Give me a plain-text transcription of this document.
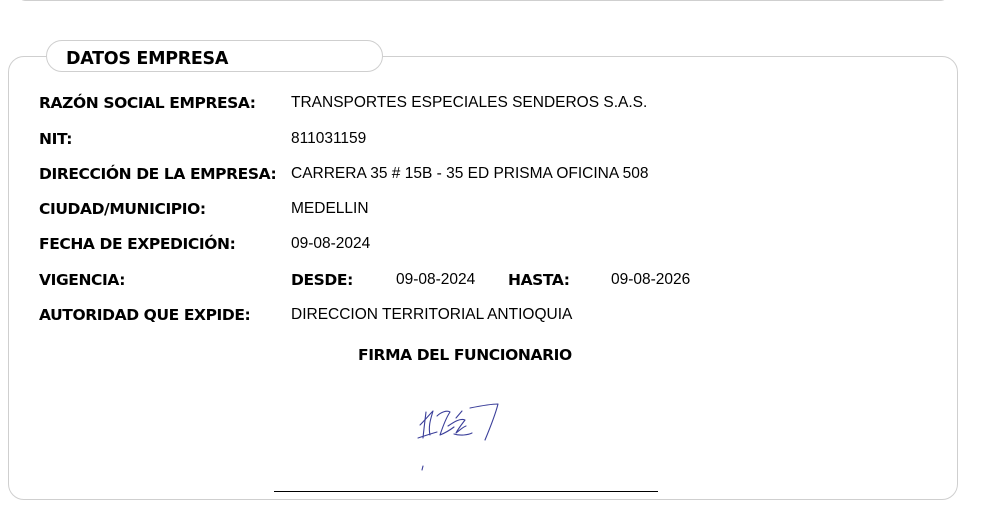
DATOS EMPRESA
RAZÓN SOCIAL EMPRESA: TRANSPORTES ESPECIALES SENDEROS S.A.S.
NIT:	811031159
DIRECCIÓN DE LA EMPRESA: CARRERA 35 # 15B - 35 ED PRISMA OFICINA 508
CIUDAD/MUNICIPIO:	MEDELLIN
FECHA DE EXPEDICIÓN:	09-08-2024
VIGENCIA:	DESDE:	09-08-2024 HASTA:	09-08-2026
AUTORIDAD QUE EXPIDE:	DIRECCION TERRITORIAL ANTIOQUIA
FIRMA DEL FUNCIONARIO
